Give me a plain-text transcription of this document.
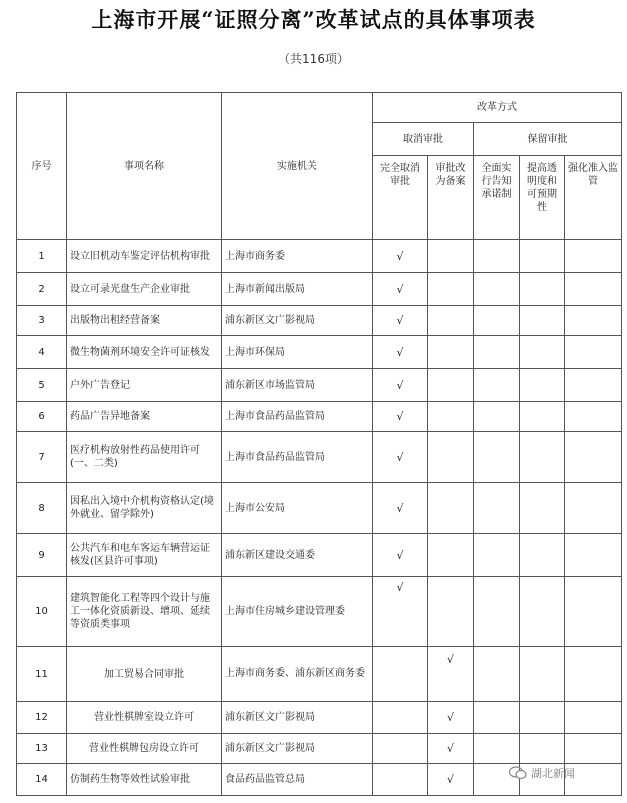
上海市开展“证照分离”改革试点的具体事项表
（共116项）
序号	事项名称	实施机关	改革方式				
			取消审批		保留审批		
			完全取消审批	审批改为备案	全面实行告知承诺制	提高透明度和可预期性	强化准入监管
1	设立旧机动车鉴定评估机构审批	上海市商务委	√				
2	设立可录光盘生产企业审批	上海市新闻出版局	√				
3	出版物出租经营备案	浦东新区文广影视局	√				
4	微生物菌剂环境安全许可证核发	上海市环保局	√				
5	户外广告登记	浦东新区市场监管局	√				
6	药品广告异地备案	上海市食品药品监管局	√				
7	医疗机构放射性药品使用许可(一、二类)	上海市食品药品监管局	√				
8	因私出入境中介机构资格认定(境外就业、留学除外)	上海市公安局	√				
9	公共汽车和电车客运车辆营运证核发(区县许可事项)	浦东新区建设交通委	√				
10	建筑智能化工程等四个设计与施工一体化资质新设、增项、延续等资质类事项	上海市住房城乡建设管理委	√				
11	加工贸易合同审批	上海市商务委、浦东新区商务委		√			
12	营业性棋牌室设立许可	浦东新区文广影视局		√			
13	营业性棋牌包房设立许可	浦东新区文广影视局		√			
14	仿制药生物等效性试验审批	食品药品监管总局		√				湖北新闻
